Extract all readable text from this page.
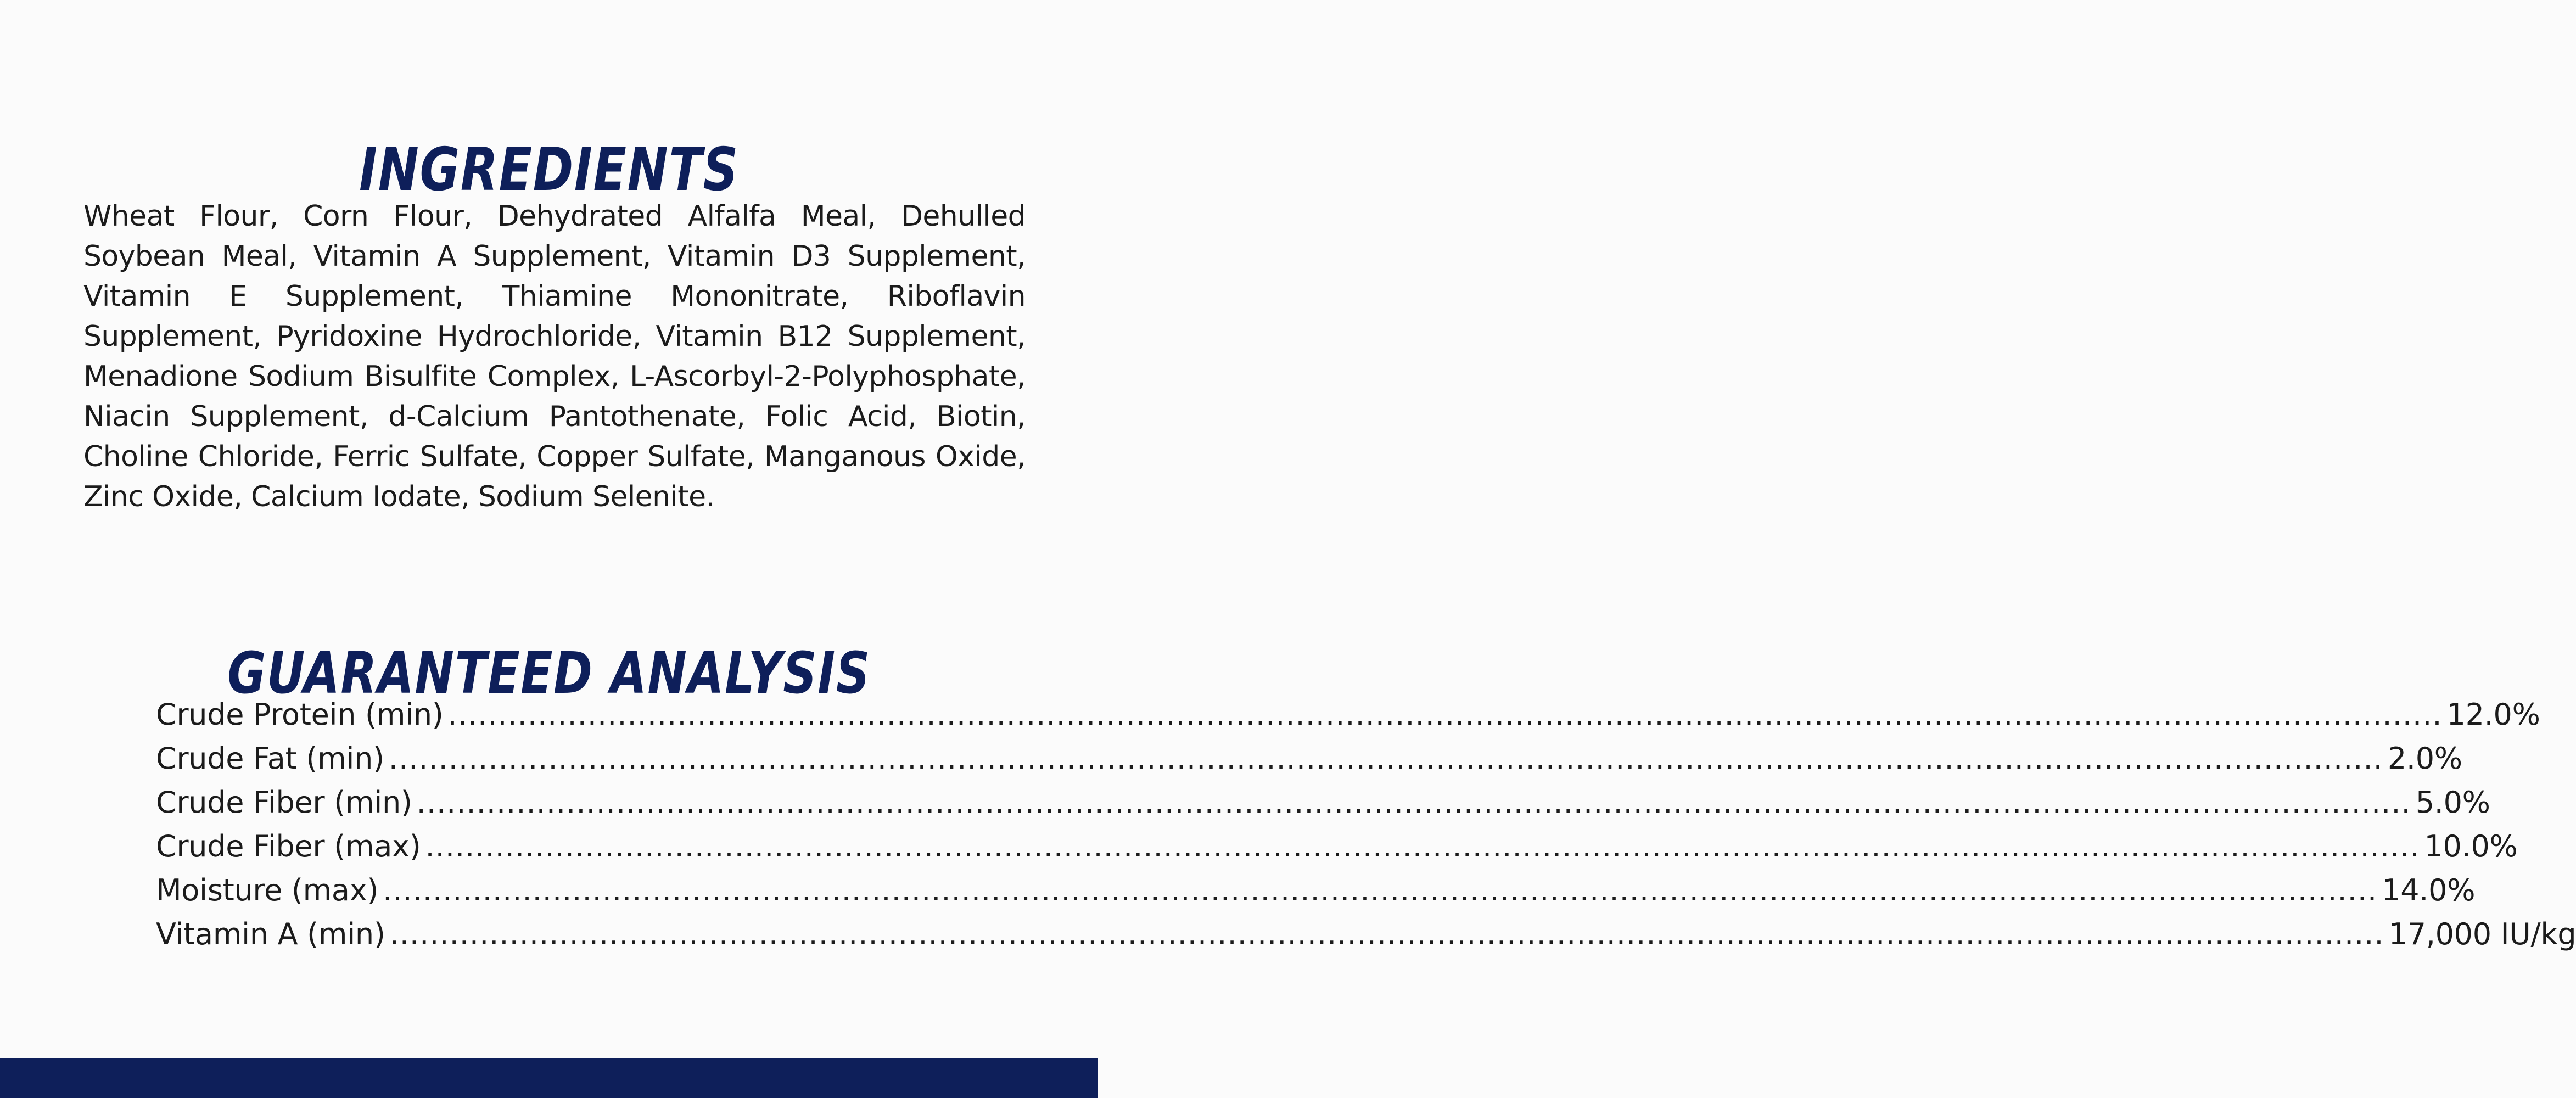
INGREDIENTS

Wheat Flour, Corn Flour, Dehydrated Alfalfa Meal, Dehulled Soybean Meal, Vitamin A Supplement, Vitamin D3 Supplement, Vitamin E Supplement, Thiamine Mononitrate, Riboflavin Supplement, Pyridoxine Hydrochloride, Vitamin B12 Supplement, Menadione Sodium Bisulfite Complex, L-Ascorbyl-2-Polyphosphate, Niacin Supplement, d-Calcium Pantothenate, Folic Acid, Biotin, Choline Chloride, Ferric Sulfate, Copper Sulfate, Manganous Oxide, Zinc Oxide, Calcium Iodate, Sodium Selenite.

GUARANTEED ANALYSIS
Crude Protein (min) ........................................................................................................................................................................................................ 12.0%
Crude Fat (min) ........................................................................................................................................................................................................ 2.0%
Crude Fiber (min) ........................................................................................................................................................................................................ 5.0%
Crude Fiber (max) ........................................................................................................................................................................................................ 10.0%
Moisture (max) ........................................................................................................................................................................................................ 14.0%
Vitamin A (min) ........................................................................................................................................................................................................ 17,000 IU/kg
